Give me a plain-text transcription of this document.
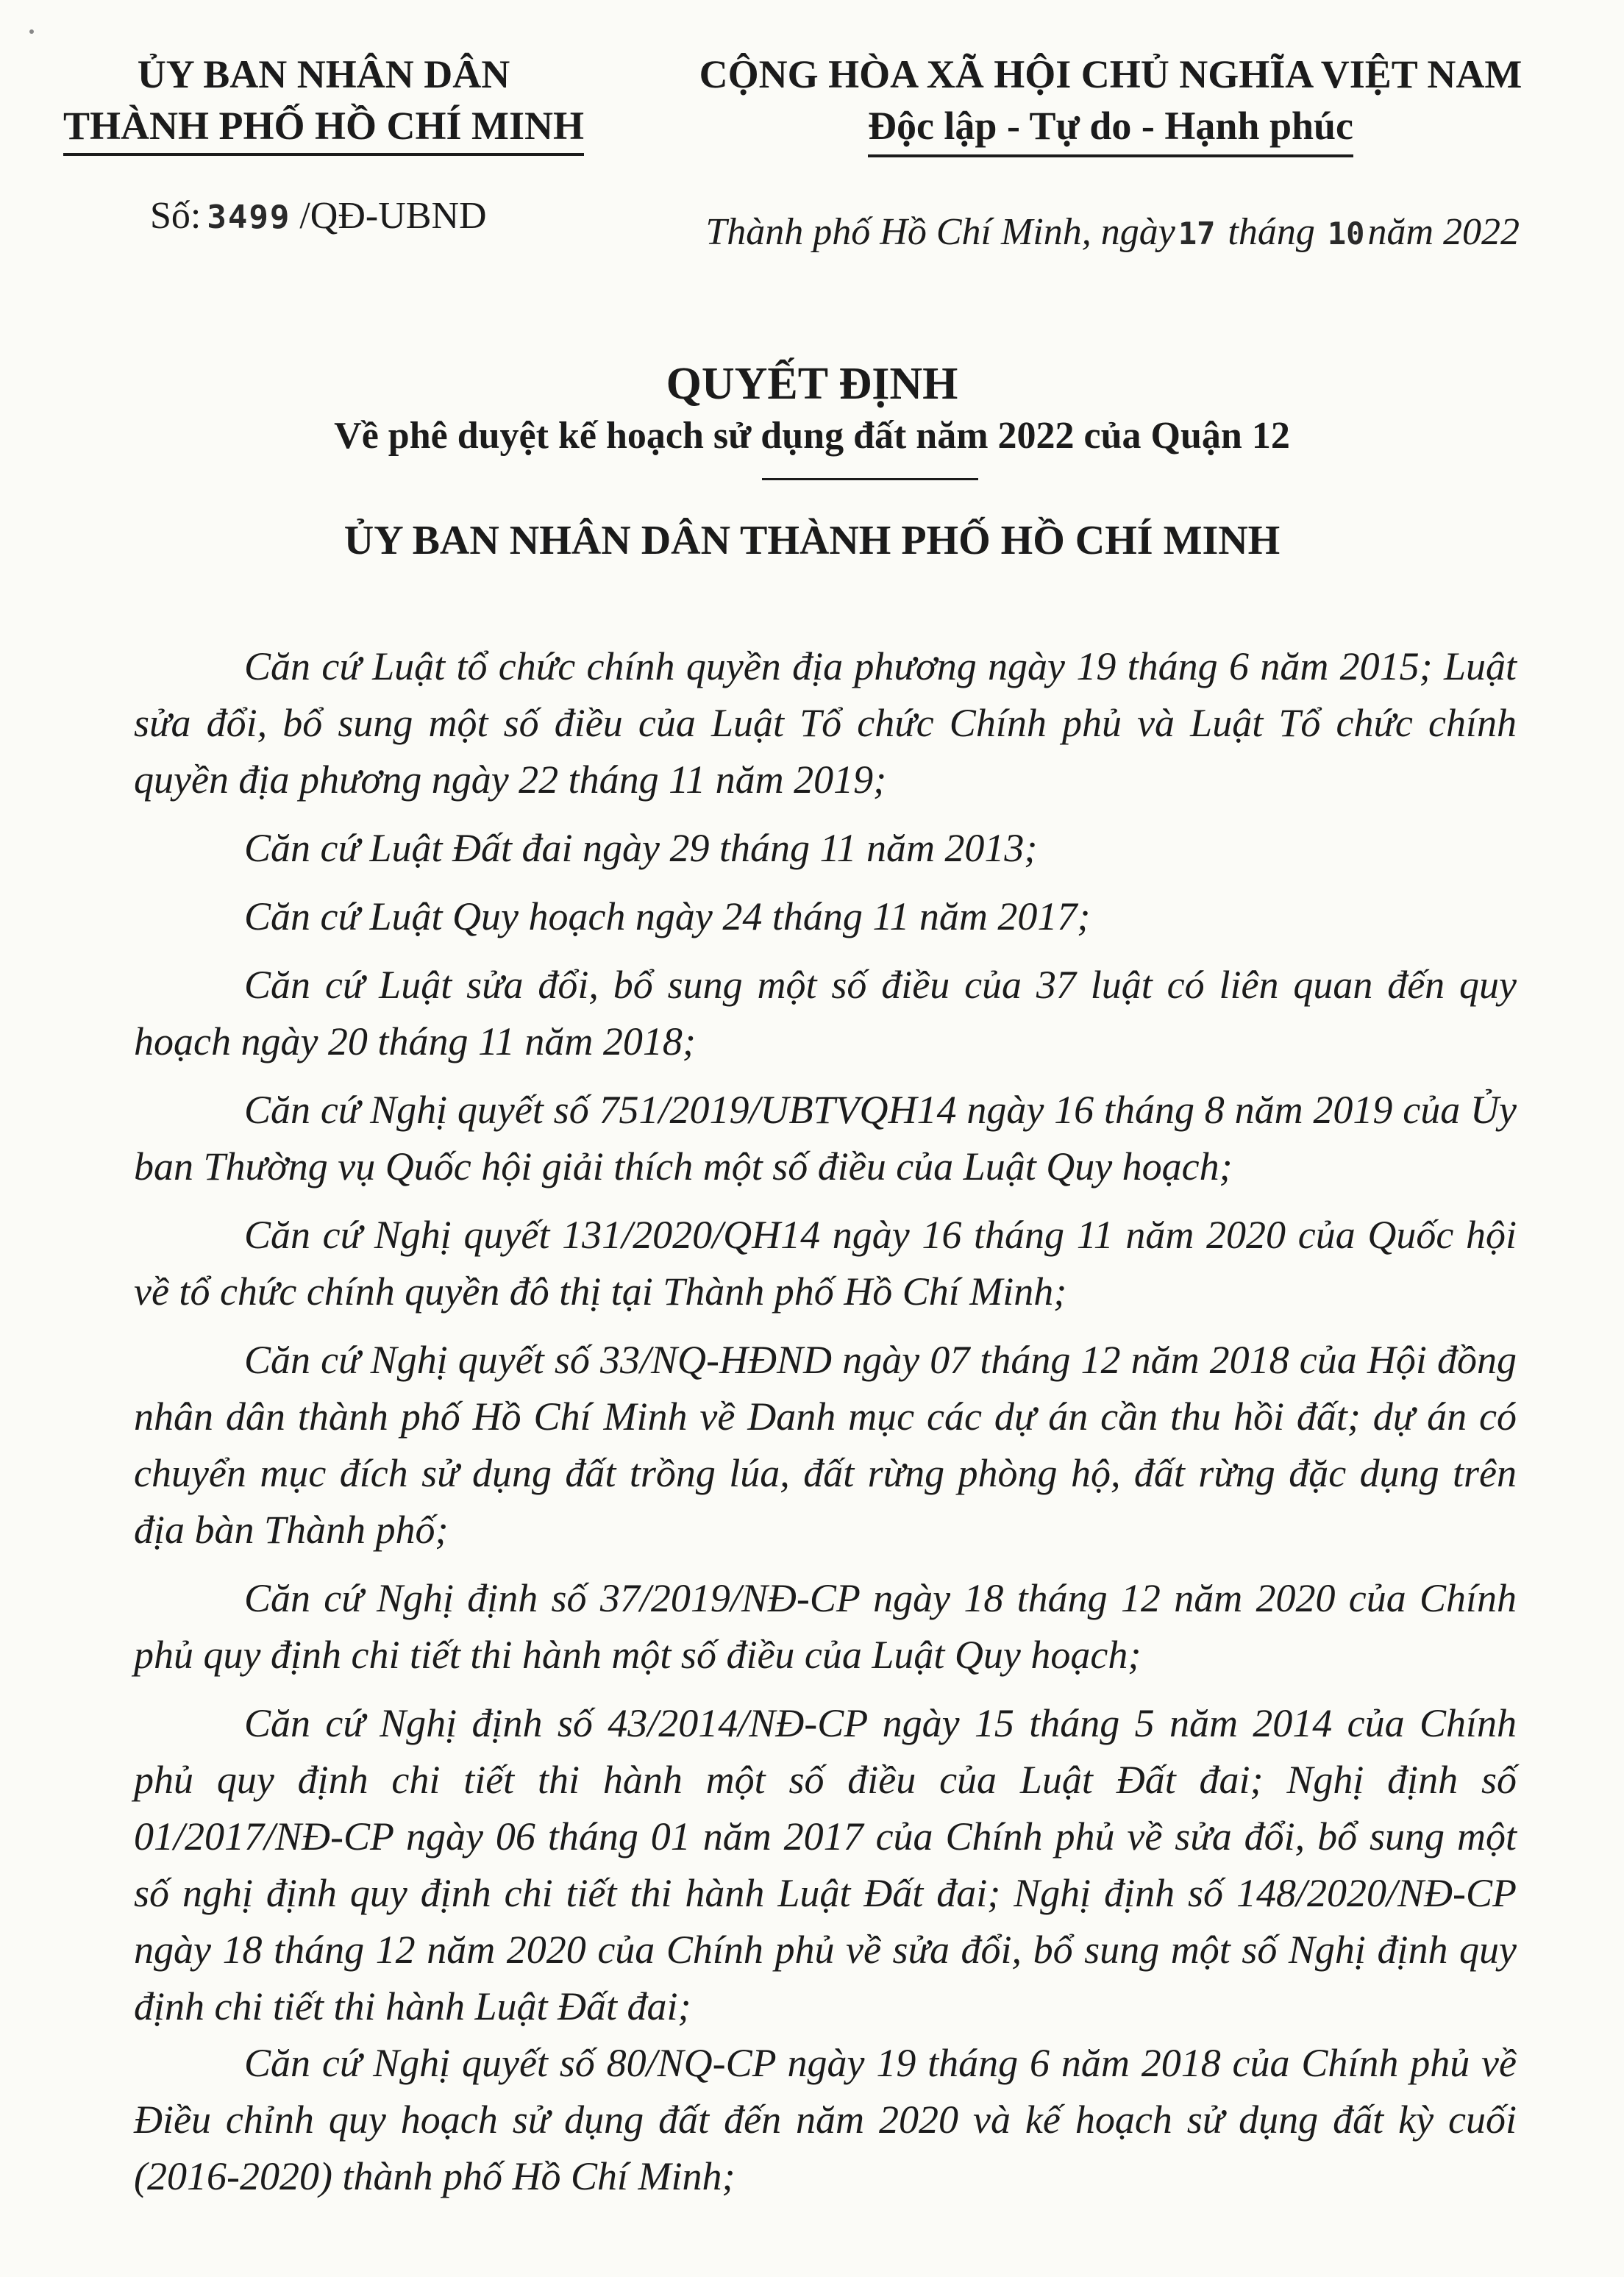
ỦY BAN NHÂN DÂN
THÀNH PHỐ HỒ CHÍ MINH
CỘNG HÒA XÃ HỘI CHỦ NGHĨA VIỆT NAM
Độc lập - Tự do - Hạnh phúc
Số: 3499 /QĐ-UBND	Thành phố Hồ Chí Minh, ngày17 tháng 10năm 2022
QUYẾT ĐỊNH
Về phê duyệt kế hoạch sử dụng đất năm 2022 của Quận 12
ỦY BAN NHÂN DÂN THÀNH PHỐ HỒ CHÍ MINH

Căn cứ Luật tổ chức chính quyền địa phương ngày 19 tháng 6 năm 2015; Luật sửa đổi, bổ sung một số điều của Luật Tổ chức Chính phủ và Luật Tổ chức chính quyền địa phương ngày 22 tháng 11 năm 2019;

Căn cứ Luật Đất đai ngày 29 tháng 11 năm 2013;

Căn cứ Luật Quy hoạch ngày 24 tháng 11 năm 2017;

Căn cứ Luật sửa đổi, bổ sung một số điều của 37 luật có liên quan đến quy hoạch ngày 20 tháng 11 năm 2018;

Căn cứ Nghị quyết số 751/2019/UBTVQH14 ngày 16 tháng 8 năm 2019 của Ủy ban Thường vụ Quốc hội giải thích một số điều của Luật Quy hoạch;

Căn cứ Nghị quyết 131/2020/QH14 ngày 16 tháng 11 năm 2020 của Quốc hội về tổ chức chính quyền đô thị tại Thành phố Hồ Chí Minh;

Căn cứ Nghị quyết số 33/NQ-HĐND ngày 07 tháng 12 năm 2018 của Hội đồng nhân dân thành phố Hồ Chí Minh về Danh mục các dự án cần thu hồi đất; dự án có chuyển mục đích sử dụng đất trồng lúa, đất rừng phòng hộ, đất rừng đặc dụng trên địa bàn Thành phố;

Căn cứ Nghị định số 37/2019/NĐ-CP ngày 18 tháng 12 năm 2020 của Chính phủ quy định chi tiết thi hành một số điều của Luật Quy hoạch;

Căn cứ Nghị định số 43/2014/NĐ-CP ngày 15 tháng 5 năm 2014 của Chính phủ quy định chi tiết thi hành một số điều của Luật Đất đai; Nghị định số 01/2017/NĐ-CP ngày 06 tháng 01 năm 2017 của Chính phủ về sửa đổi, bổ sung một số nghị định quy định chi tiết thi hành Luật Đất đai; Nghị định số 148/2020/NĐ-CP ngày 18 tháng 12 năm 2020 của Chính phủ về sửa đổi, bổ sung một số Nghị định quy định chi tiết thi hành Luật Đất đai;

Căn cứ Nghị quyết số 80/NQ-CP ngày 19 tháng 6 năm 2018 của Chính phủ về Điều chỉnh quy hoạch sử dụng đất đến năm 2020 và kế hoạch sử dụng đất kỳ cuối (2016-2020) thành phố Hồ Chí Minh;
